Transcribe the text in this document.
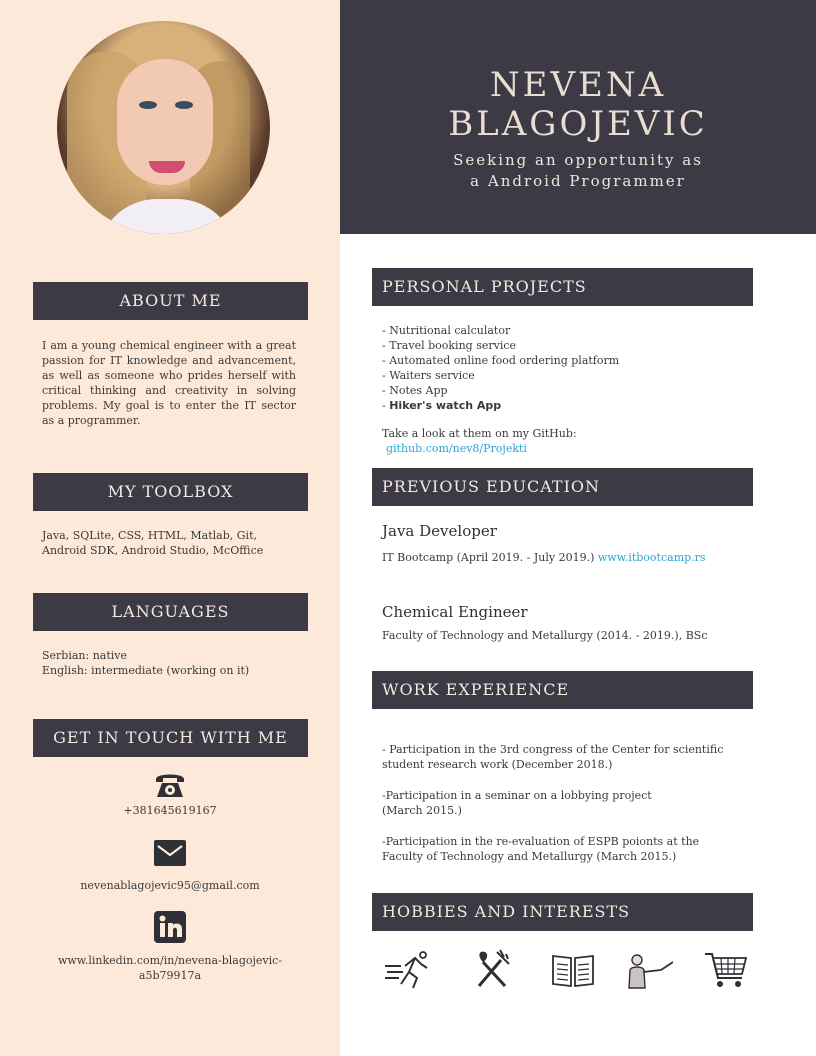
NEVENA
BLAGOJEVIC
Seeking an opportunity as
a Android Programmer
ABOUT ME
I am a young chemical engineer with a great passion for IT knowledge and advancement, as well as someone who prides herself with critical thinking and creativity in solving problems. My goal is to enter the IT sector as a programmer.
MY TOOLBOX
Java, SQLite, CSS, HTML, Matlab, Git,
Android SDK, Android Studio, McOffice
LANGUAGES
Serbian: native
English: intermediate (working on it)
GET IN TOUCH WITH ME
+381645619167
nevenablagojevic95@gmail.com
www.linkedin.com/in/nevena-blagojevic-
a5b79917a
PERSONAL PROJECTS
- Nutritional calculator
- Travel booking service
- Automated online food ordering platform
- Waiters service
- Notes App
- Hiker's watch App
Take a look at them on my GitHub:
github.com/nev8/Projekti
PREVIOUS EDUCATION
Java Developer
IT Bootcamp (April 2019. - July 2019.) www.itbootcamp.rs
Chemical Engineer
Faculty of Technology and Metallurgy (2014. - 2019.), BSc
WORK EXPERIENCE

- Participation in the 3rd congress of the Center for scientific
student research work (December 2018.)

-Participation in a seminar on a lobbying project
(March 2015.)

-Participation in the re-evaluation of ESPB poionts at the
Faculty of Technology and Metallurgy (March 2015.)

HOBBIES AND INTERESTS
